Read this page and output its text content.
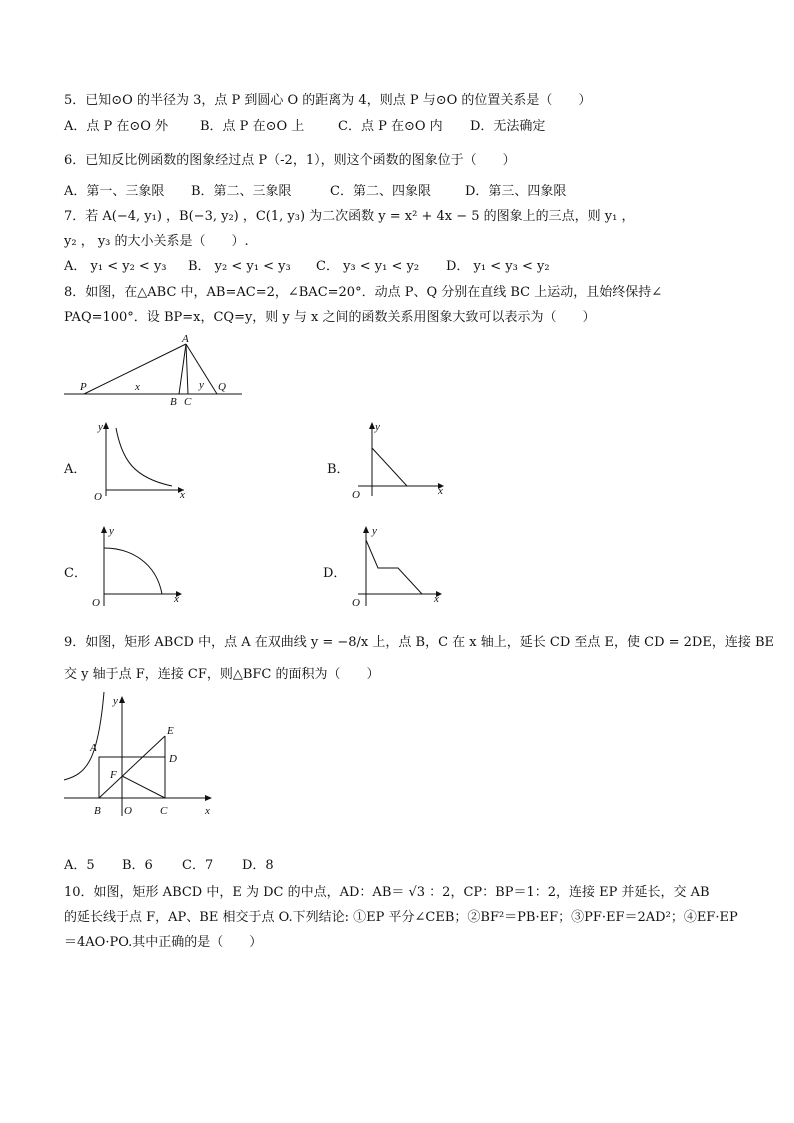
5．已知⊙O 的半径为 3，点 P 到圆心 O 的距离为 4，则点 P 与⊙O 的位置关系是（　　）
A．点 P 在⊙O 外 B．点 P 在⊙O 上	C．点 P 在⊙O 内 D．无法确定
6．已知反比例函数的图象经过点 P（-2，1），则这个函数的图象位于（　　）
A．第一、三象限 B．第二、三象限	C．第二、四象限	D．第三、四象限
7．若 A(−4, y₁) ，B(−3, y₂) ，C(1, y₃) 为二次函数 y = x² + 4x − 5 的图象上的三点，则 y₁ ，
y₂ ， y₃ 的大小关系是（　　）.
A． y₁ < y₂ < y₃ B． y₂ < y₁ < y₃ C． y₃ < y₁ < y₂ D． y₁ < y₃ < y₂
8．如图，在△ABC 中，AB=AC=2，∠BAC=20°．动点 P、Q 分别在直线 BC 上运动，且始终保持∠
PAQ=100°．设 BP=x，CQ=y，则 y 与 x 之间的函数关系用图象大致可以表示为（　　）
A
P	Q
B C
x	y
A．
y
x
O
B．
y
x
O
C．
y
x
O
D．
y
x
O
9．如图，矩形 ABCD 中，点 A 在双曲线 y = −8/x 上，点 B，C 在 x 轴上，延长 CD 至点 E，使 CD = 2DE，连接 BE
交 y 轴于点 F，连接 CF，则△BFC 的面积为（　　）
A
B	C
D
E
F
O	x
y
A．5 B．6 C．7 D．8
10．如图，矩形 ABCD 中，E 为 DC 的中点，AD：AB＝ √3 ：2，CP：BP＝1：2，连接 EP 并延长，交 AB
的延长线于点 F，AP、BE 相交于点 O.下列结论: ①EP 平分∠CEB；②BF²＝PB·EF；③PF·EF＝2AD²；④EF·EP
＝4AO·PO.其中正确的是（　　）
